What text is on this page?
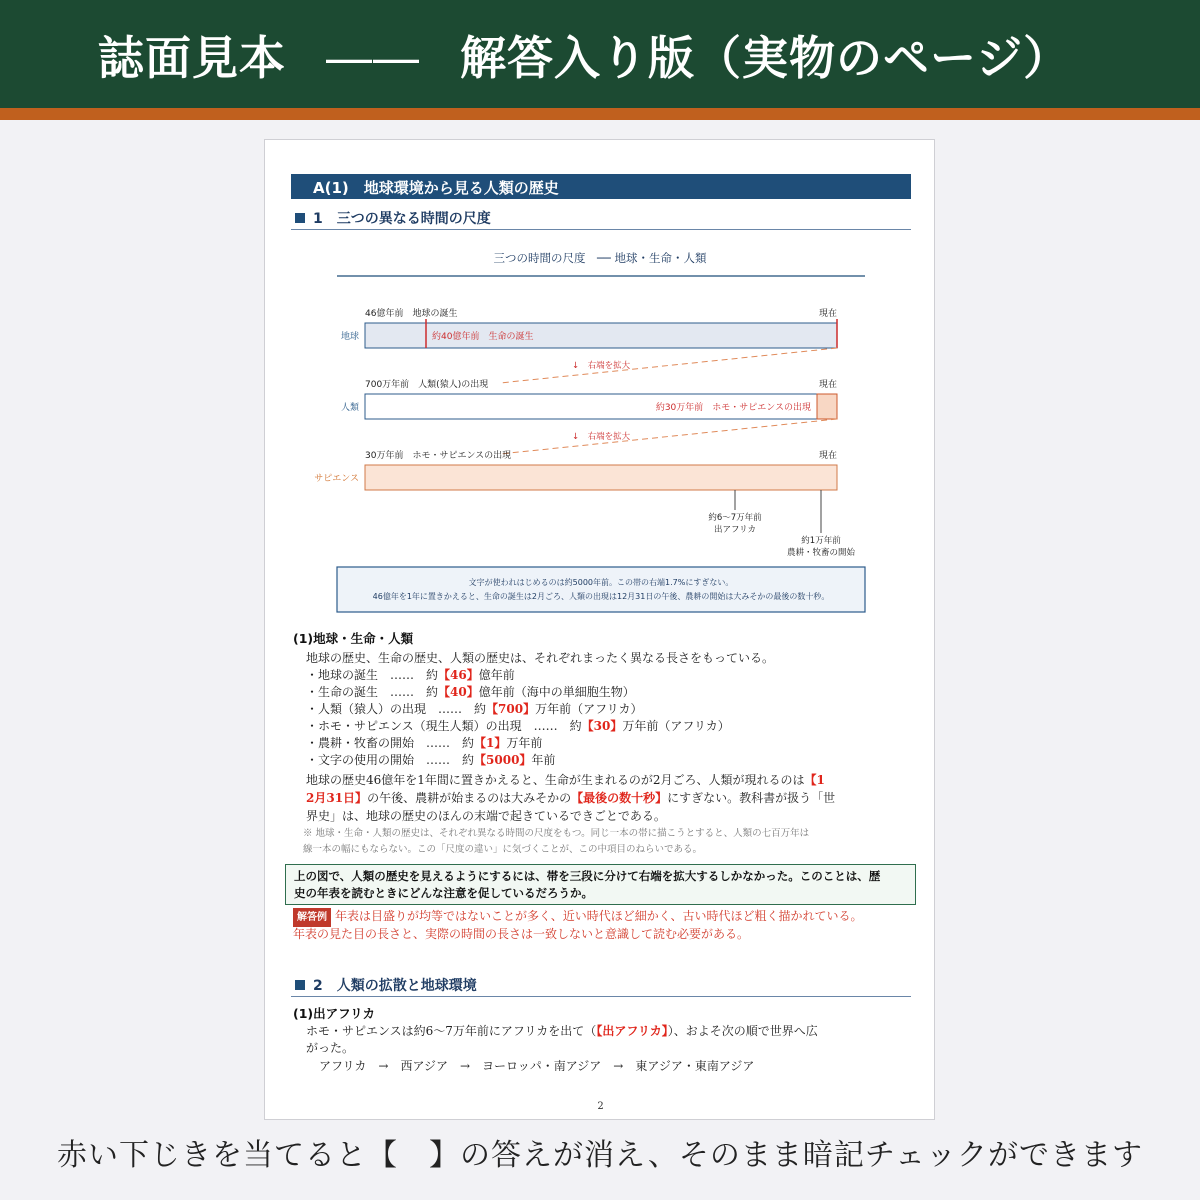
誌面見本 ―― 解答入り版（実物のページ）
A(1)　地球環境から見る人類の歴史
1　三つの異なる時間の尺度
三つの時間の尺度　── 地球・生命・人類
46億年前　地球の誕生	現在
地球	約40億年前　生命の誕生
↓　右端を拡大
700万年前　人類(猿人)の出現	現在
人類	約30万年前　ホモ・サピエンスの出現
↓　右端を拡大
30万年前　ホモ・サピエンスの出現	現在
サピエンス
約6～7万年前
出アフリカ
約1万年前
農耕・牧畜の開始
文字が使われはじめるのは約5000年前。この帯の右端1.7%にすぎない。
46億年を1年に置きかえると、生命の誕生は2月ごろ、人類の出現は12月31日の午後、農耕の開始は大みそかの最後の数十秒。
(1)地球・生命・人類
地球の歴史、生命の歴史、人類の歴史は、それぞれまったく異なる長さをもっている。
・地球の誕生　……　約【46】億年前
・生命の誕生　……　約【40】億年前（海中の単細胞生物）
・人類（猿人）の出現　……　約【700】万年前（アフリカ）
・ホモ・サピエンス（現生人類）の出現　……　約【30】万年前（アフリカ）
・農耕・牧畜の開始　……　約【1】万年前
・文字の使用の開始　……　約【5000】年前
地球の歴史46億年を1年間に置きかえると、生命が生まれるのが2月ごろ、人類が現れるのは【1
2月31日】の午後、農耕が始まるのは大みそかの【最後の数十秒】にすぎない。教科書が扱う「世
界史」は、地球の歴史のほんの末端で起きているできごとである。
※ 地球・生命・人類の歴史は、それぞれ異なる時間の尺度をもつ。同じ一本の帯に描こうとすると、人類の七百万年は
線一本の幅にもならない。この「尺度の違い」に気づくことが、この中項目のねらいである。
上の図で、人類の歴史を見えるようにするには、帯を三段に分けて右端を拡大するしかなかった。このことは、歴
史の年表を読むときにどんな注意を促しているだろうか。
解答例 年表は目盛りが均等ではないことが多く、近い時代ほど細かく、古い時代ほど粗く描かれている。
年表の見た目の長さと、実際の時間の長さは一致しないと意識して読む必要がある。
2　人類の拡散と地球環境
(1)出アフリカ
ホモ・サピエンスは約6～7万年前にアフリカを出て（【出アフリカ】）、およそ次の順で世界へ広
がった。
アフリカ　→　西アジア　→　ヨーロッパ・南アジア　→　東アジア・東南アジア
2
赤い下じきを当てると【　】の答えが消え、そのまま暗記チェックができます
